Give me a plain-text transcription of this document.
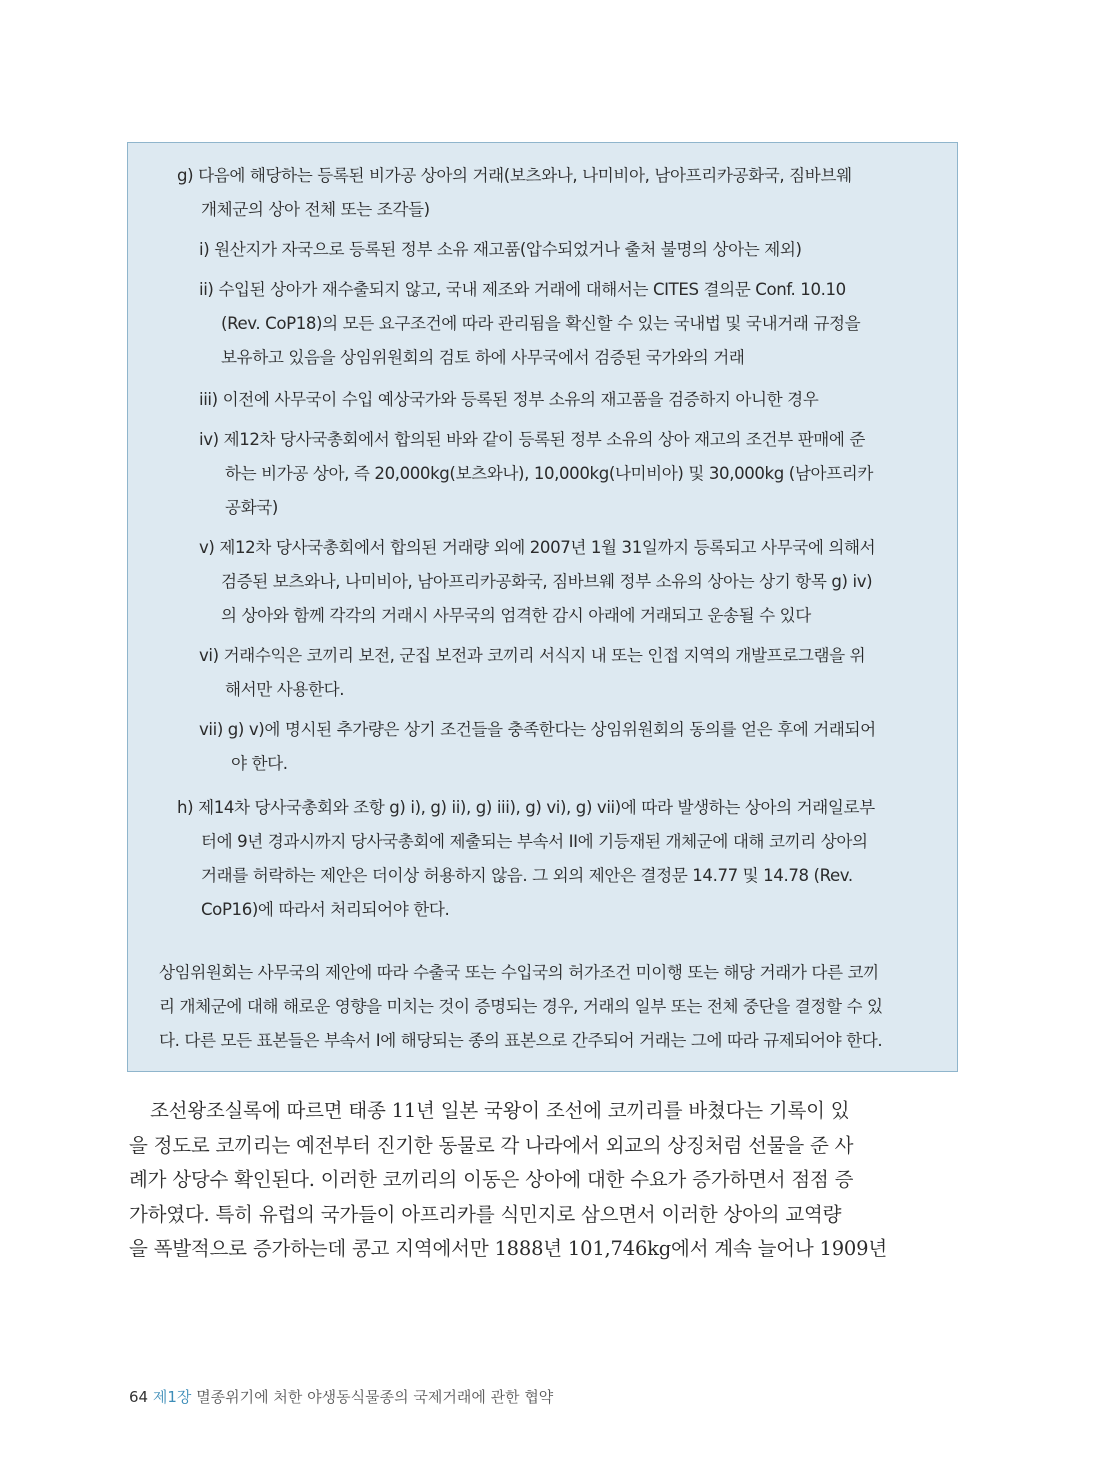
g) 다음에 해당하는 등록된 비가공 상아의 거래(보츠와나, 나미비아, 남아프리카공화국, 짐바브웨
개체군의 상아 전체 또는 조각들)
ⅰ) 원산지가 자국으로 등록된 정부 소유 재고품(압수되었거나 출처 불명의 상아는 제외)
ii) 수입된 상아가 재수출되지 않고, 국내 제조와 거래에 대해서는 CITES 결의문 Conf. 10.10
(Rev. CoP18)의 모든 요구조건에 따라 관리됨을 확신할 수 있는 국내법 및 국내거래 규정을
보유하고 있음을 상임위원회의 검토 하에 사무국에서 검증된 국가와의 거래
iii) 이전에 사무국이 수입 예상국가와 등록된 정부 소유의 재고품을 검증하지 아니한 경우
iv) 제12차 당사국총회에서 합의된 바와 같이 등록된 정부 소유의 상아 재고의 조건부 판매에 준
하는 비가공 상아, 즉 20,000kg(보츠와나), 10,000kg(나미비아) 및 30,000kg (남아프리카
공화국)
v) 제12차 당사국총회에서 합의된 거래량 외에 2007년 1월 31일까지 등록되고 사무국에 의해서
검증된 보츠와나, 나미비아, 남아프리카공화국, 짐바브웨 정부 소유의 상아는 상기 항목 g) iv)
의 상아와 함께 각각의 거래시 사무국의 엄격한 감시 아래에 거래되고 운송될 수 있다
vi) 거래수익은 코끼리 보전, 군집 보전과 코끼리 서식지 내 또는 인접 지역의 개발프로그램을 위
해서만 사용한다.
vii) g) v)에 명시된 추가량은 상기 조건들을 충족한다는 상임위원회의 동의를 얻은 후에 거래되어
야 한다.
h) 제14차 당사국총회와 조항 g) i), g) ii), g) iii), g) vi), g) vii)에 따라 발생하는 상아의 거래일로부
터에 9년 경과시까지 당사국총회에 제출되는 부속서 II에 기등재된 개체군에 대해 코끼리 상아의
거래를 허락하는 제안은 더이상 허용하지 않음. 그 외의 제안은 결정문 14.77 및 14.78 (Rev.
CoP16)에 따라서 처리되어야 한다.
상임위원회는 사무국의 제안에 따라 수출국 또는 수입국의 허가조건 미이행 또는 해당 거래가 다른 코끼
리 개체군에 대해 해로운 영향을 미치는 것이 증명되는 경우, 거래의 일부 또는 전체 중단을 결정할 수 있
다. 다른 모든 표본들은 부속서 I에 해당되는 종의 표본으로 간주되어 거래는 그에 따라 규제되어야 한다.
조선왕조실록에 따르면 태종 11년 일본 국왕이 조선에 코끼리를 바쳤다는 기록이 있
을 정도로 코끼리는 예전부터 진기한 동물로 각 나라에서 외교의 상징처럼 선물을 준 사
례가 상당수 확인된다. 이러한 코끼리의 이동은 상아에 대한 수요가 증가하면서 점점 증
가하였다. 특히 유럽의 국가들이 아프리카를 식민지로 삼으면서 이러한 상아의 교역량
을 폭발적으로 증가하는데 콩고 지역에서만 1888년 101,746kg에서 계속 늘어나 1909년
64 제1장 멸종위기에 처한 야생동식물종의 국제거래에 관한 협약
